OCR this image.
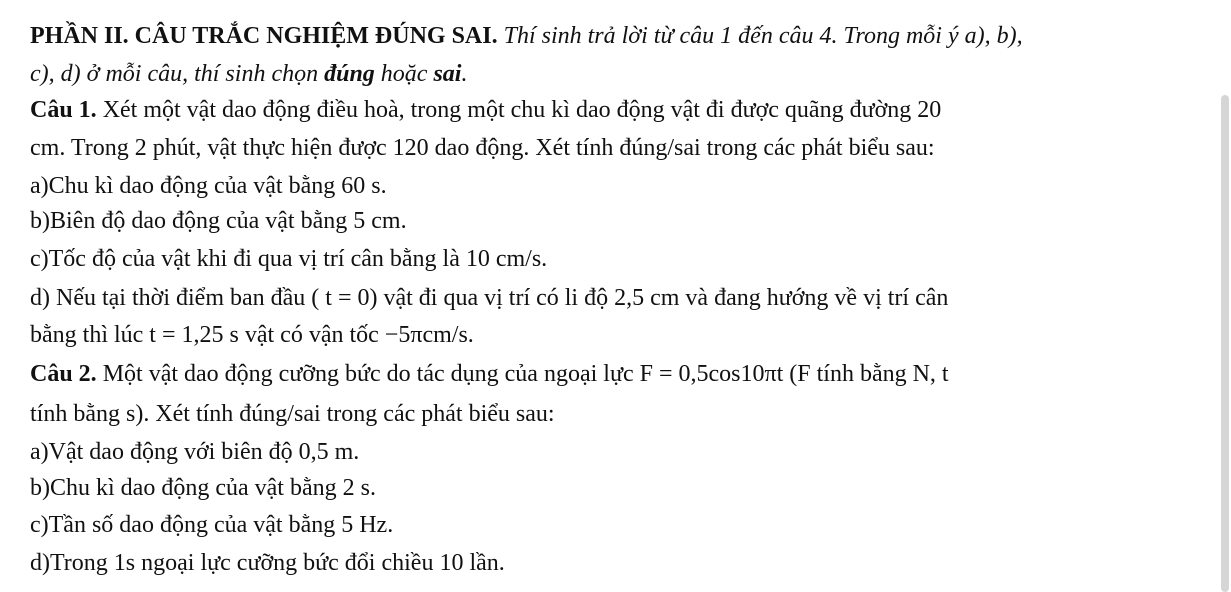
PHẦN II. CÂU TRẮC NGHIỆM ĐÚNG SAI. Thí sinh trả lời từ câu 1 đến câu 4. Trong mỗi ý a), b),
c), d) ở mỗi câu, thí sinh chọn đúng hoặc sai.
Câu 1. Xét một vật dao động điều hoà, trong một chu kì dao động vật đi được quãng đường 20
cm. Trong 2 phút, vật thực hiện được 120 dao động. Xét tính đúng/sai trong các phát biểu sau:
a)Chu kì dao động của vật bằng 60 s.
b)Biên độ dao động của vật bằng 5 cm.
c)Tốc độ của vật khi đi qua vị trí cân bằng là 10 cm/s.
d) Nếu tại thời điểm ban đầu ( t = 0) vật đi qua vị trí có li độ 2,5 cm và đang hướng về vị trí cân
bằng thì lúc t = 1,25 s vật có vận tốc −5πcm/s.
Câu 2. Một vật dao động cưỡng bức do tác dụng của ngoại lực F = 0,5cos10πt (F tính bằng N, t
tính bằng s). Xét tính đúng/sai trong các phát biểu sau:
a)Vật dao động với biên độ 0,5 m.
b)Chu kì dao động của vật bằng 2 s.
c)Tần số dao động của vật bằng 5 Hz.
d)Trong 1s ngoại lực cưỡng bức đổi chiều 10 lần.
